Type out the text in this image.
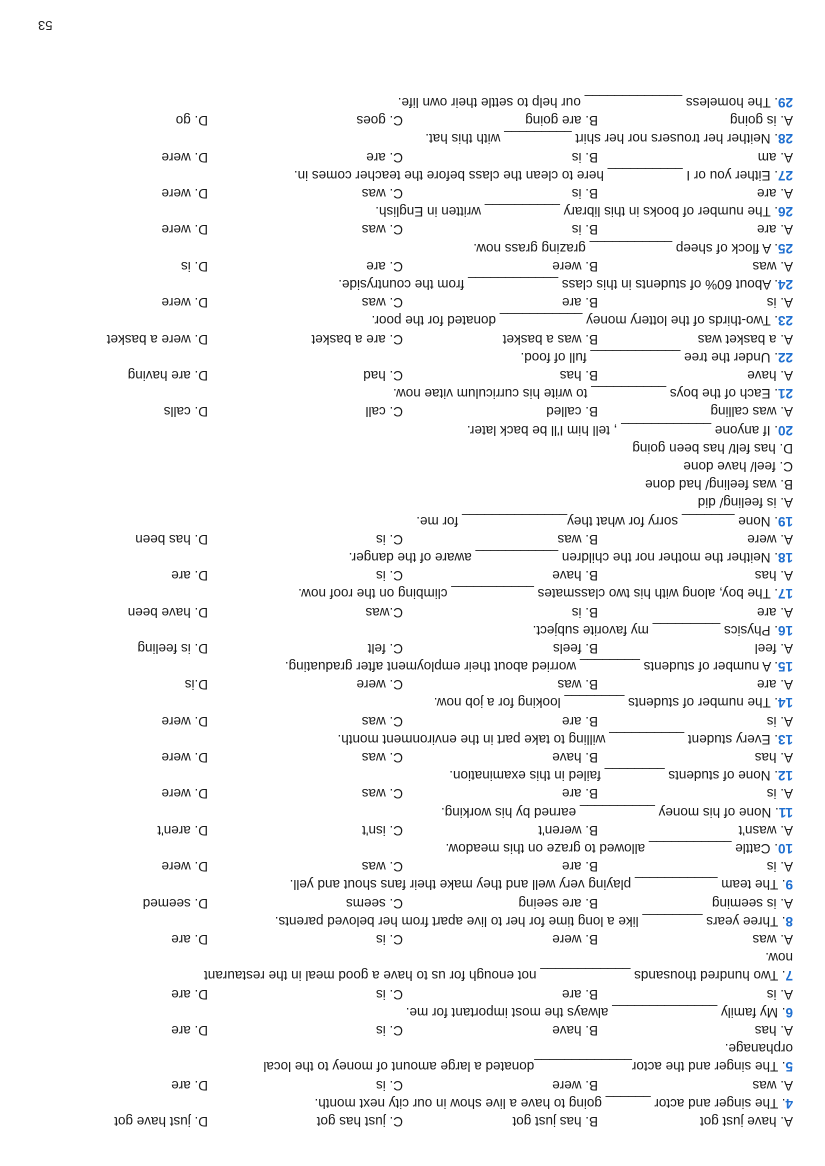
A. have just got
B. has just got
C. just has got
D. just have got
4. The singer and actor ______ going to have a live show in our city next month.
A. was
B. were
C. is
D. are
5. The singer and the actor_____________donated a large amount of money to the local
orphanage.
A. has
B. have
C. is
D. are
6. My family ______________ always the most important for me.
A. is
B. are
C. is
D. are
7. Two hundred thousands ____________ not enough for us to have a good meal in the restaurant
now.
A. was
B. were
C. is
D. are
8. Three years ________ like a long time for her to live apart from her beloved parents.
A. is seeming
B. are seeing
C. seems
D. seemed
9. The team ___________ playing very well and they make their fans shout and yell.
A. is
B. are
C. was
D. were
10. Cattle ___________ allowed to graze on this meadow.
A. wasn't
B. weren't
C. isn't
D. aren't
11. None of his money __________ earned by his working.
A. is
B. are
C. was
D. were
12. None of students ________ failed in this examination.
A. has
B. have
C. was
D. were
13. Every student __________ willing to take part in the environment month.
A. is
B. are
C. was
D. were
14. The number of students ________ looking for a job now.
A. are
B. was
C. were
D.is
15. A number of students ________ worried about their employment after graduating.
A. feel
B. feels
C. felt
D. is feeling
16. Physics _________ my favorite subject.
A. are
B. is
C.was
D. have been
17. The boy, along with his two classmates ___________ climbing on the roof now.
A. has
B. have
C. is
D. are
18. Neither the mother nor the children ___________ aware of the danger.
A. were
B. was
C. is
D. has been
19. None _______ sorry for what they______________ for me.
A. is feeling/ did
B. was feeling/ had done
C. feel/ have done
D. has felt/ has been going
20. If anyone ____________ , tell him I'll be back later.
A. was calling
B. called
C. call
D. calls
21. Each of the boys __________ to write his curriculum vitae now.
A. have
B. has
C. had
D. are having
22. Under the tree ____________ full of food.
A. a basket was
B. was a basket
C. are a basket
D. were a basket
23. Two-thirds of the lottery money ___________ donated for the poor.
A. is
B. are
C. was
D. were
24. About 60% of students in this class ____________ from the countryside.
A. was
B. were
C. are
D. is
25. A flock of sheep ___________ grazing grass now.
A. are
B. is
C. was
D. were
26. The number of books in this library __________ written in English.
A. are
B. is
C. was
D. were
27. Either you or I __________ here to clean the class before the teacher comes in.
A. am
B. is
C. are
D. were
28. Neither her trousers nor her shirt _________ with this hat.
A. is going
B. are going
C. goes
D. go
29. The homeless _____________ our help to settle their own life.
53
